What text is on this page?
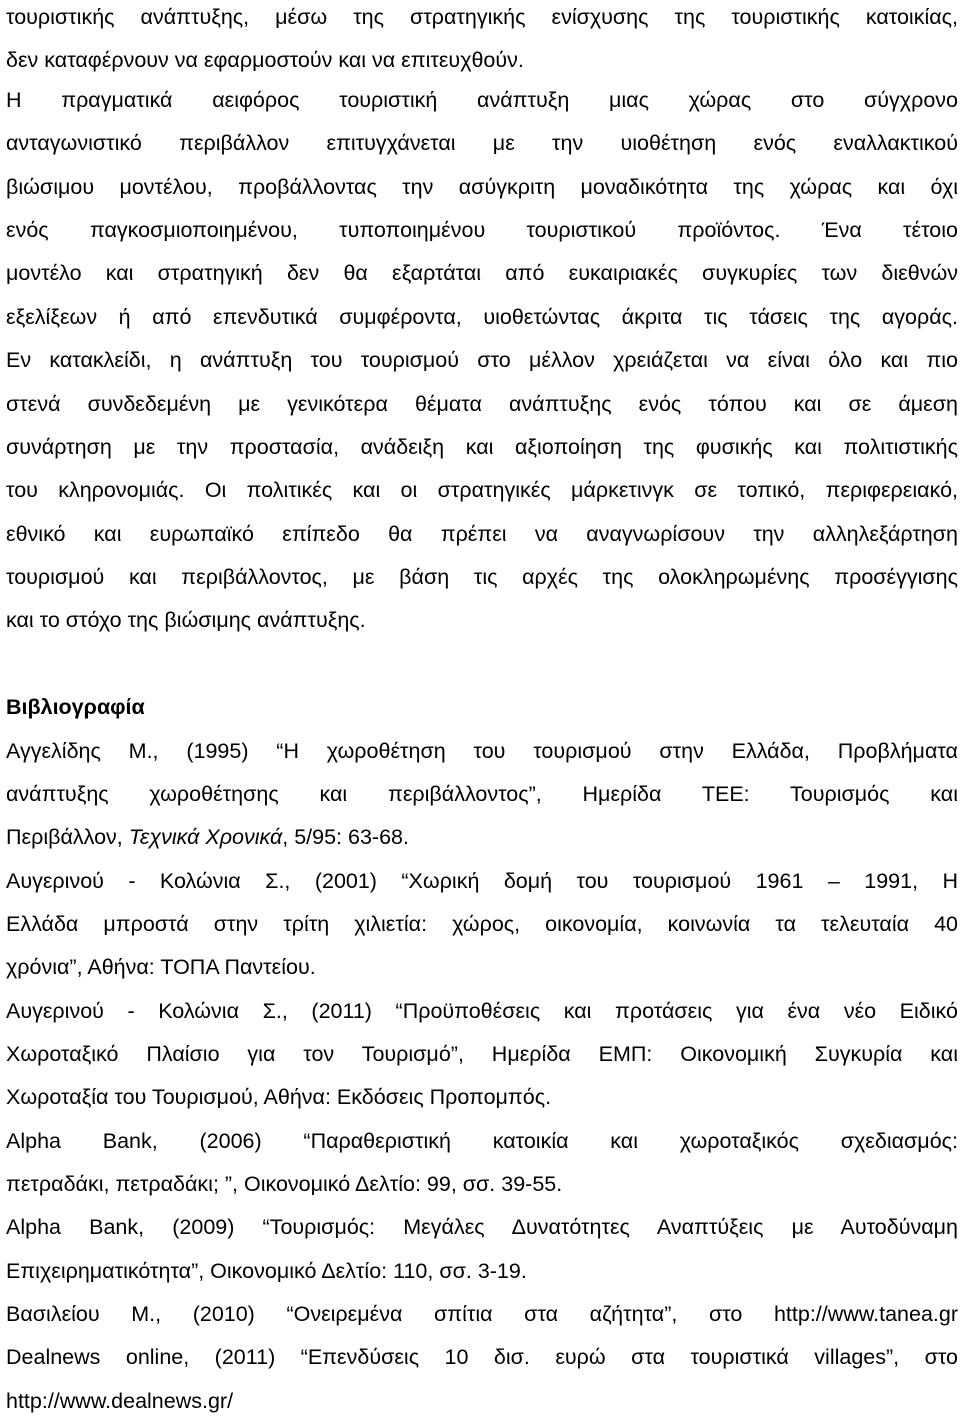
τουριστικής ανάπτυξης, μέσω της στρατηγικής ενίσχυσης της τουριστικής κατοικίας,
δεν καταφέρνουν να εφαρμοστούν και να επιτευχθούν.
Η πραγματικά αειφόρος τουριστική ανάπτυξη μιας χώρας στο σύγχρονο
ανταγωνιστικό περιβάλλον επιτυγχάνεται με την υιοθέτηση ενός εναλλακτικού
βιώσιμου μοντέλου, προβάλλοντας την ασύγκριτη μοναδικότητα της χώρας και όχι
ενός παγκοσμιοποιημένου, τυποποιημένου τουριστικού προϊόντος. Ένα τέτοιο
μοντέλο και στρατηγική δεν θα εξαρτάται από ευκαιριακές συγκυρίες των διεθνών
εξελίξεων ή από επενδυτικά συμφέροντα, υιοθετώντας άκριτα τις τάσεις της αγοράς.
Εν κατακλείδι, η ανάπτυξη του τουρισμού στο μέλλον χρειάζεται να είναι όλο και πιο
στενά συνδεδεμένη με γενικότερα θέματα ανάπτυξης ενός τόπου και σε άμεση
συνάρτηση με την προστασία, ανάδειξη και αξιοποίηση της φυσικής και πολιτιστικής
του κληρονομιάς. Οι πολιτικές και οι στρατηγικές μάρκετινγκ σε τοπικό, περιφερειακό,
εθνικό και ευρωπαϊκό επίπεδο θα πρέπει να αναγνωρίσουν την αλληλεξάρτηση
τουρισμού και περιβάλλοντος, με βάση τις αρχές της ολοκληρωμένης προσέγγισης
και το στόχο της βιώσιμης ανάπτυξης.
Βιβλιογραφία
Αγγελίδης Μ., (1995) “Η χωροθέτηση του τουρισμού στην Ελλάδα, Προβλήματα
ανάπτυξης χωροθέτησης και περιβάλλοντος”, Ημερίδα ΤΕΕ: Τουρισμός και
Περιβάλλον, Τεχνικά Χρονικά, 5/95: 63-68.
Αυγερινού - Κολώνια Σ., (2001) “Χωρική δομή του τουρισμού 1961 – 1991, Η
Ελλάδα μπροστά στην τρίτη χιλιετία: χώρος, οικονομία, κοινωνία τα τελευταία 40
χρόνια”, Αθήνα: ΤΟΠΑ Παντείου.
Αυγερινού - Κολώνια Σ., (2011) “Προϋποθέσεις και προτάσεις για ένα νέο Ειδικό
Χωροταξικό Πλαίσιο για τον Τουρισμό”, Ημερίδα ΕΜΠ: Οικονομική Συγκυρία και
Χωροταξία του Τουρισμού, Αθήνα: Εκδόσεις Προπομπός.
Alpha Bank, (2006) “Παραθεριστική κατοικία και χωροταξικός σχεδιασμός:
πετραδάκι, πετραδάκι; ”, Οικονομικό Δελτίο: 99, σσ. 39-55.
Alpha Bank, (2009) “Τουρισμός: Μεγάλες Δυνατότητες Αναπτύξεις με Αυτοδύναμη
Επιχειρηματικότητα”, Οικονομικό Δελτίο: 110, σσ. 3-19.
Βασιλείου Μ., (2010) “Ονειρεμένα σπίτια στα αζήτητα”, στο http://www.tanea.gr
Dealnews online, (2011) “Επενδύσεις 10 δισ. ευρώ στα τουριστικά villages”, στο
http://www.dealnews.gr/
